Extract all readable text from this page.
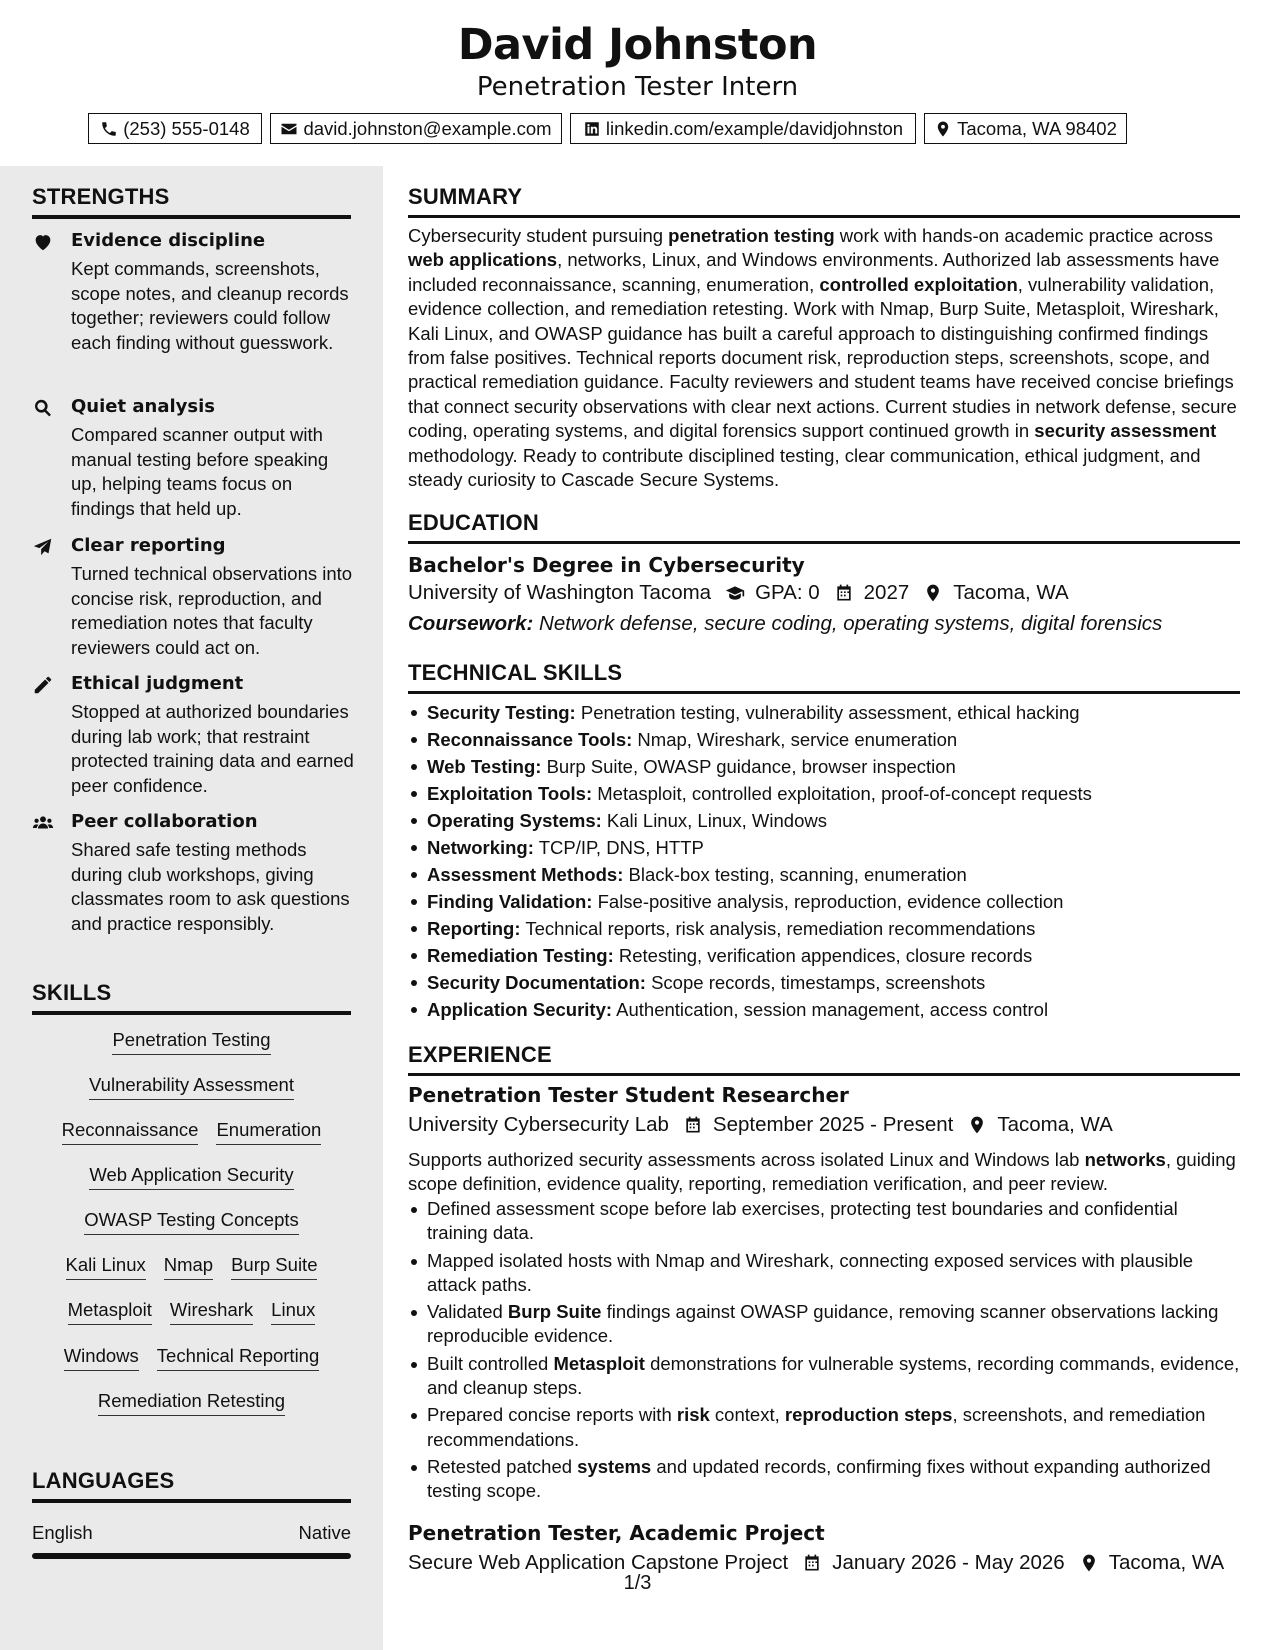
David Johnston
Penetration Tester Intern
(253) 555-0148	david.johnston@example.com	linkedin.com/example/davidjohnston	Tacoma, WA 98402
STRENGTHS
Evidence discipline
Kept commands, screenshots, scope notes, and cleanup records together; reviewers could follow each finding without guesswork.
Quiet analysis
Compared scanner output with manual testing before speaking up, helping teams focus on findings that held up.
Clear reporting
Turned technical observations into concise risk, reproduction, and remediation notes that faculty reviewers could act on.
Ethical judgment
Stopped at authorized boundaries during lab work; that restraint protected training data and earned peer confidence.
Peer collaboration
Shared safe testing methods during club workshops, giving classmates room to ask questions and practice responsibly.
SKILLS
LANGUAGES
Penetration Testing
Vulnerability Assessment
Reconnaissance Enumeration
Web Application Security
OWASP Testing Concepts
Kali Linux Nmap Burp Suite
Metasploit Wireshark Linux
Windows Technical Reporting
Remediation Retesting
English	Native
SUMMARY
Cybersecurity student pursuing penetration testing work with hands-on academic practice across web applications, networks, Linux, and Windows environments. Authorized lab assessments have included reconnaissance, scanning, enumeration, controlled exploitation, vulnerability validation, evidence collection, and remediation retesting. Work with Nmap, Burp Suite, Metasploit, Wireshark, Kali Linux, and OWASP guidance has built a careful approach to distinguishing confirmed findings from false positives. Technical reports document risk, reproduction steps, screenshots, scope, and practical remediation guidance. Faculty reviewers and student teams have received concise briefings that connect security observations with clear next actions. Current studies in network defense, secure coding, operating systems, and digital forensics support continued growth in security assessment methodology. Ready to contribute disciplined testing, clear communication, ethical judgment, and steady curiosity to Cascade Secure Systems.
EDUCATION
Bachelor's Degree in Cybersecurity
University of Washington Tacoma GPA: 0 2027 Tacoma, WA
Coursework: Network defense, secure coding, operating systems, digital forensics
TECHNICAL SKILLS
Security Testing: Penetration testing, vulnerability assessment, ethical hacking
Reconnaissance Tools: Nmap, Wireshark, service enumeration
Web Testing: Burp Suite, OWASP guidance, browser inspection
Exploitation Tools: Metasploit, controlled exploitation, proof-of-concept requests
Operating Systems: Kali Linux, Linux, Windows
Networking: TCP/IP, DNS, HTTP
Assessment Methods: Black-box testing, scanning, enumeration
Finding Validation: False-positive analysis, reproduction, evidence collection
Reporting: Technical reports, risk analysis, remediation recommendations
Remediation Testing: Retesting, verification appendices, closure records
Security Documentation: Scope records, timestamps, screenshots
Application Security: Authentication, session management, access control
EXPERIENCE
Penetration Tester Student Researcher
University Cybersecurity Lab September 2025 - Present Tacoma, WA
Supports authorized security assessments across isolated Linux and Windows lab networks, guiding scope definition, evidence quality, reporting, remediation verification, and peer review.
Defined assessment scope before lab exercises, protecting test boundaries and confidential training data.
Mapped isolated hosts with Nmap and Wireshark, connecting exposed services with plausible attack paths.
Validated Burp Suite findings against OWASP guidance, removing scanner observations lacking reproducible evidence.
Built controlled Metasploit demonstrations for vulnerable systems, recording commands, evidence, and cleanup steps.
Prepared concise reports with risk context, reproduction steps, screenshots, and remediation recommendations.
Retested patched systems and updated records, confirming fixes without expanding authorized testing scope.
Penetration Tester, Academic Project
Secure Web Application Capstone Project January 2026 - May 2026 Tacoma, WA
1/3
